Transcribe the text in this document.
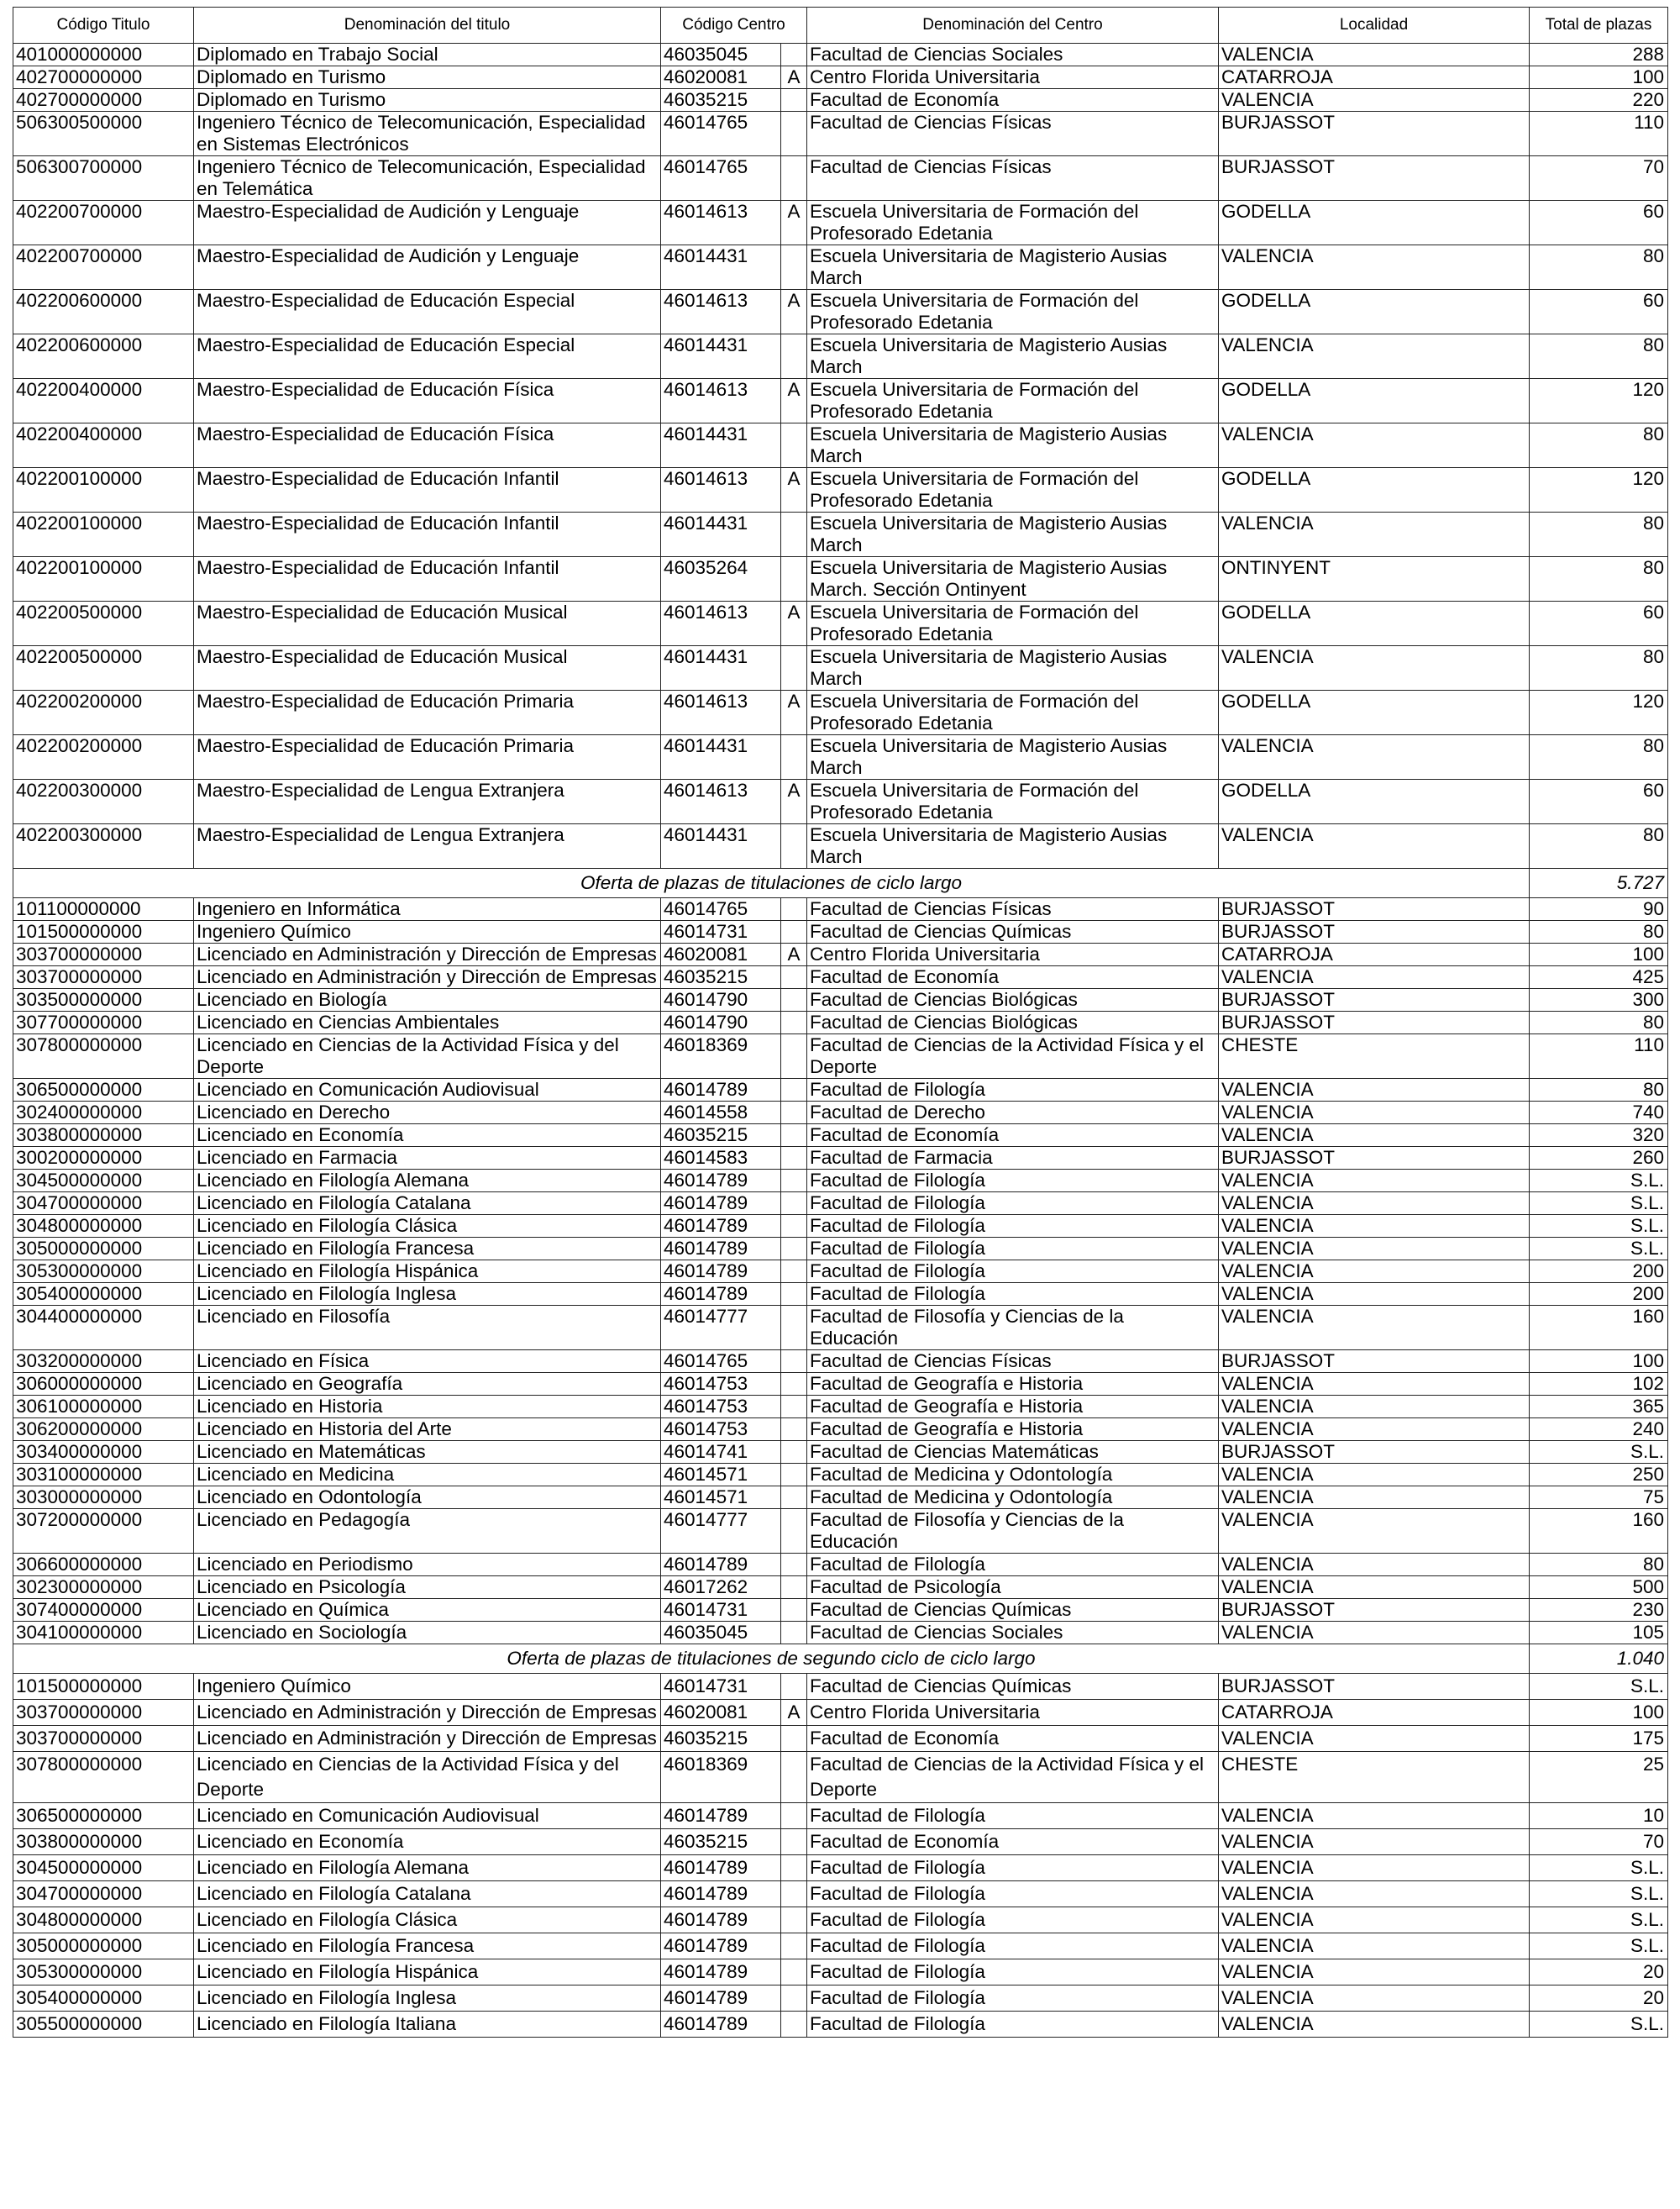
Código Titulo	Denominación del titulo	Código Centro		Denominación del Centro	Localidad	Total de plazas
401000000000	Diplomado en Trabajo Social	46035045		Facultad de Ciencias Sociales	VALENCIA	288
402700000000	Diplomado en Turismo	46020081	A	Centro Florida Universitaria	CATARROJA	100
402700000000	Diplomado en Turismo	46035215		Facultad de Economía	VALENCIA	220
506300500000	Ingeniero Técnico de Telecomunicación, Especialidad en Sistemas Electrónicos	46014765		Facultad de Ciencias Físicas	BURJASSOT	110
506300700000	Ingeniero Técnico de Telecomunicación, Especialidad en Telemática	46014765		Facultad de Ciencias Físicas	BURJASSOT	70
402200700000	Maestro-Especialidad de Audición y Lenguaje	46014613	A	Escuela Universitaria de Formación del Profesorado Edetania	GODELLA	60
402200700000	Maestro-Especialidad de Audición y Lenguaje	46014431		Escuela Universitaria de Magisterio Ausias March	VALENCIA	80
402200600000	Maestro-Especialidad de Educación Especial	46014613	A	Escuela Universitaria de Formación del Profesorado Edetania	GODELLA	60
402200600000	Maestro-Especialidad de Educación Especial	46014431		Escuela Universitaria de Magisterio Ausias March	VALENCIA	80
402200400000	Maestro-Especialidad de Educación Física	46014613	A	Escuela Universitaria de Formación del Profesorado Edetania	GODELLA	120
402200400000	Maestro-Especialidad de Educación Física	46014431		Escuela Universitaria de Magisterio Ausias March	VALENCIA	80
402200100000	Maestro-Especialidad de Educación Infantil	46014613	A	Escuela Universitaria de Formación del Profesorado Edetania	GODELLA	120
402200100000	Maestro-Especialidad de Educación Infantil	46014431		Escuela Universitaria de Magisterio Ausias March	VALENCIA	80
402200100000	Maestro-Especialidad de Educación Infantil	46035264		Escuela Universitaria de Magisterio Ausias March. Sección Ontinyent	ONTINYENT	80
402200500000	Maestro-Especialidad de Educación Musical	46014613	A	Escuela Universitaria de Formación del Profesorado Edetania	GODELLA	60
402200500000	Maestro-Especialidad de Educación Musical	46014431		Escuela Universitaria de Magisterio Ausias March	VALENCIA	80
402200200000	Maestro-Especialidad de Educación Primaria	46014613	A	Escuela Universitaria de Formación del Profesorado Edetania	GODELLA	120
402200200000	Maestro-Especialidad de Educación Primaria	46014431		Escuela Universitaria de Magisterio Ausias March	VALENCIA	80
402200300000	Maestro-Especialidad de Lengua Extranjera	46014613	A	Escuela Universitaria de Formación del Profesorado Edetania	GODELLA	60
402200300000	Maestro-Especialidad de Lengua Extranjera	46014431		Escuela Universitaria de Magisterio Ausias March	VALENCIA	80
Oferta de plazas de titulaciones de ciclo largo						5.727
101100000000	Ingeniero en Informática	46014765		Facultad de Ciencias Físicas	BURJASSOT	90
101500000000	Ingeniero Químico	46014731		Facultad de Ciencias Químicas	BURJASSOT	80
303700000000	Licenciado en Administración y Dirección de Empresas	46020081	A	Centro Florida Universitaria	CATARROJA	100
303700000000	Licenciado en Administración y Dirección de Empresas	46035215		Facultad de Economía	VALENCIA	425
303500000000	Licenciado en Biología	46014790		Facultad de Ciencias Biológicas	BURJASSOT	300
307700000000	Licenciado en Ciencias Ambientales	46014790		Facultad de Ciencias Biológicas	BURJASSOT	80
307800000000	Licenciado en Ciencias de la Actividad Física y del Deporte	46018369		Facultad de Ciencias de la Actividad Física y el Deporte	CHESTE	110
306500000000	Licenciado en Comunicación Audiovisual	46014789		Facultad de Filología	VALENCIA	80
302400000000	Licenciado en Derecho	46014558		Facultad de Derecho	VALENCIA	740
303800000000	Licenciado en Economía	46035215		Facultad de Economía	VALENCIA	320
300200000000	Licenciado en Farmacia	46014583		Facultad de Farmacia	BURJASSOT	260
304500000000	Licenciado en Filología Alemana	46014789		Facultad de Filología	VALENCIA	S.L.
304700000000	Licenciado en Filología Catalana	46014789		Facultad de Filología	VALENCIA	S.L.
304800000000	Licenciado en Filología Clásica	46014789		Facultad de Filología	VALENCIA	S.L.
305000000000	Licenciado en Filología Francesa	46014789		Facultad de Filología	VALENCIA	S.L.
305300000000	Licenciado en Filología Hispánica	46014789		Facultad de Filología	VALENCIA	200
305400000000	Licenciado en Filología Inglesa	46014789		Facultad de Filología	VALENCIA	200
304400000000	Licenciado en Filosofía	46014777		Facultad de Filosofía y Ciencias de la Educación	VALENCIA	160
303200000000	Licenciado en Física	46014765		Facultad de Ciencias Físicas	BURJASSOT	100
306000000000	Licenciado en Geografía	46014753		Facultad de Geografía e Historia	VALENCIA	102
306100000000	Licenciado en Historia	46014753		Facultad de Geografía e Historia	VALENCIA	365
306200000000	Licenciado en Historia del Arte	46014753		Facultad de Geografía e Historia	VALENCIA	240
303400000000	Licenciado en Matemáticas	46014741		Facultad de Ciencias Matemáticas	BURJASSOT	S.L.
303100000000	Licenciado en Medicina	46014571		Facultad de Medicina y Odontología	VALENCIA	250
303000000000	Licenciado en Odontología	46014571		Facultad de Medicina y Odontología	VALENCIA	75
307200000000	Licenciado en Pedagogía	46014777		Facultad de Filosofía y Ciencias de la Educación	VALENCIA	160
306600000000	Licenciado en Periodismo	46014789		Facultad de Filología	VALENCIA	80
302300000000	Licenciado en Psicología	46017262		Facultad de Psicología	VALENCIA	500
307400000000	Licenciado en Química	46014731		Facultad de Ciencias Químicas	BURJASSOT	230
304100000000	Licenciado en Sociología	46035045		Facultad de Ciencias Sociales	VALENCIA	105
Oferta de plazas de titulaciones de segundo ciclo de ciclo largo						1.040
101500000000	Ingeniero Químico	46014731		Facultad de Ciencias Químicas	BURJASSOT	S.L.
303700000000	Licenciado en Administración y Dirección de Empresas	46020081	A	Centro Florida Universitaria	CATARROJA	100
303700000000	Licenciado en Administración y Dirección de Empresas	46035215		Facultad de Economía	VALENCIA	175
307800000000	Licenciado en Ciencias de la Actividad Física y del Deporte	46018369		Facultad de Ciencias de la Actividad Física y el Deporte	CHESTE	25
306500000000	Licenciado en Comunicación Audiovisual	46014789		Facultad de Filología	VALENCIA	10
303800000000	Licenciado en Economía	46035215		Facultad de Economía	VALENCIA	70
304500000000	Licenciado en Filología Alemana	46014789		Facultad de Filología	VALENCIA	S.L.
304700000000	Licenciado en Filología Catalana	46014789		Facultad de Filología	VALENCIA	S.L.
304800000000	Licenciado en Filología Clásica	46014789		Facultad de Filología	VALENCIA	S.L.
305000000000	Licenciado en Filología Francesa	46014789		Facultad de Filología	VALENCIA	S.L.
305300000000	Licenciado en Filología Hispánica	46014789		Facultad de Filología	VALENCIA	20
305400000000	Licenciado en Filología Inglesa	46014789		Facultad de Filología	VALENCIA	20
305500000000	Licenciado en Filología Italiana	46014789		Facultad de Filología	VALENCIA	S.L.
